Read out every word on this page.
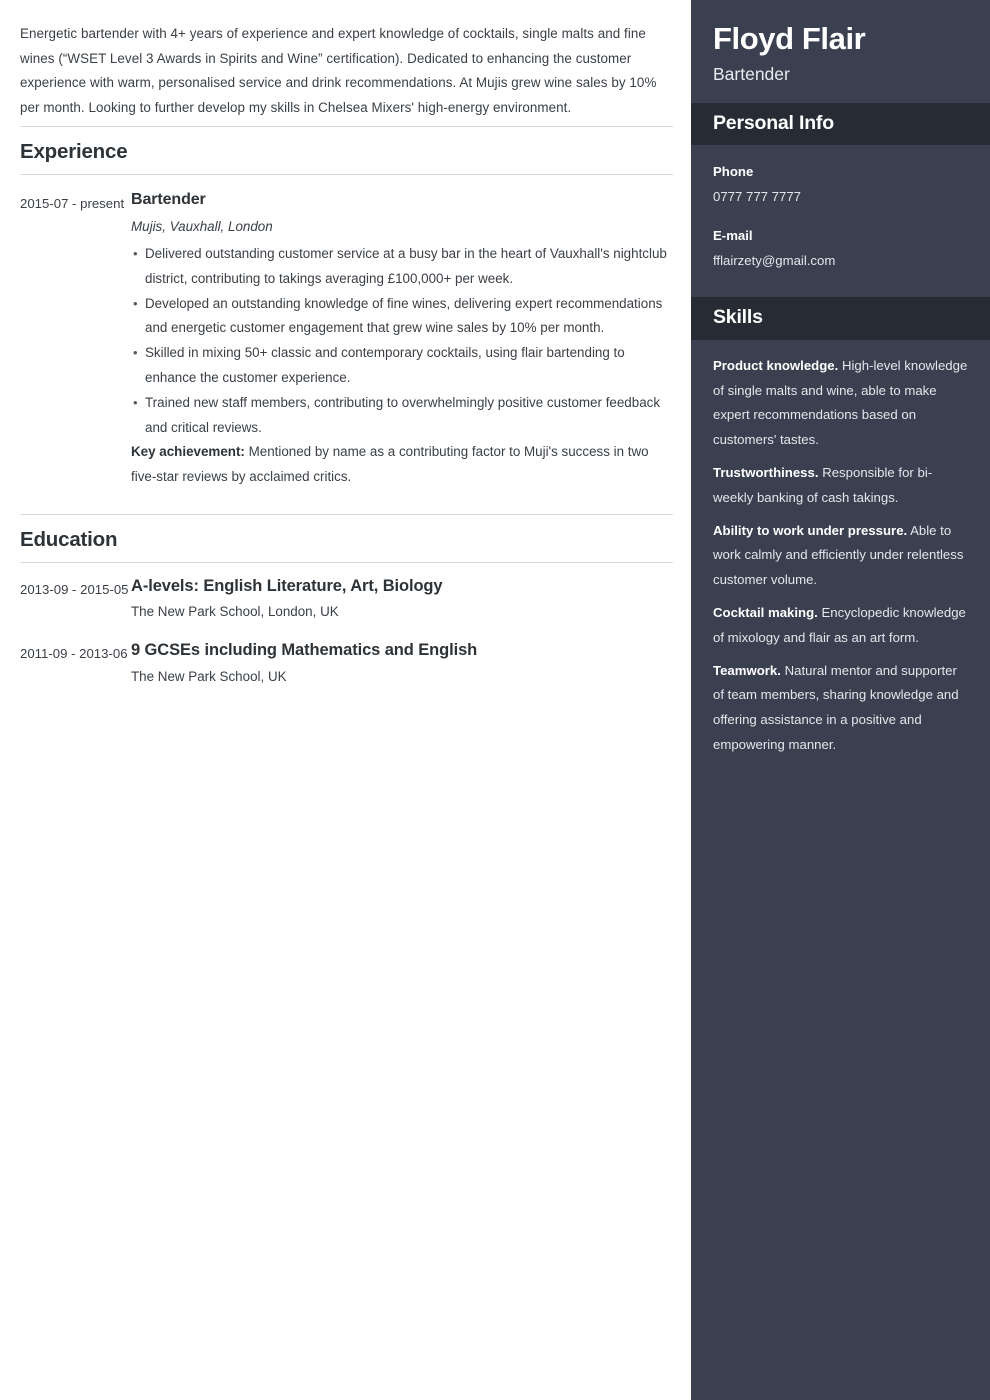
Energetic bartender with 4+ years of experience and expert knowledge of cocktails, single malts and fine wines (“WSET Level 3 Awards in Spirits and Wine” certification). Dedicated to enhancing the customer experience with warm, personalised service and drink recommendations. At Mujis grew wine sales by 10% per month. Looking to further develop my skills in Chelsea Mixers' high-energy environment.

Experience
2015-07 - present Bartender
Mujis, Vauxhall, London
• Delivered outstanding customer service at a busy bar in the heart of Vauxhall's nightclub district, contributing to takings averaging £100,000+ per week.
• Developed an outstanding knowledge of fine wines, delivering expert recommendations and energetic customer engagement that grew wine sales by 10% per month.
• Skilled in mixing 50+ classic and contemporary cocktails, using flair bartending to enhance the customer experience.
• Trained new staff members, contributing to overwhelmingly positive customer feedback and critical reviews.
Key achievement: Mentioned by name as a contributing factor to Muji's success in two five-star reviews by acclaimed critics.
Education
2013-09 - 2015-05 A-levels: English Literature, Art, Biology
The New Park School, London, UK
2011-09 - 2013-06 9 GCSEs including Mathematics and English
The New Park School, UK
Floyd Flair
Bartender
Personal Info
Phone
0777 777 7777
E-mail
fflairzety@gmail.com
Skills
Product knowledge. High-level knowledge of single malts and wine, able to make expert recommendations based on customers' tastes.
Trustworthiness. Responsible for bi-weekly banking of cash takings.
Ability to work under pressure. Able to work calmly and efficiently under relentless customer volume.
Cocktail making. Encyclopedic knowledge of mixology and flair as an art form.
Teamwork. Natural mentor and supporter of team members, sharing knowledge and offering assistance in a positive and empowering manner.
